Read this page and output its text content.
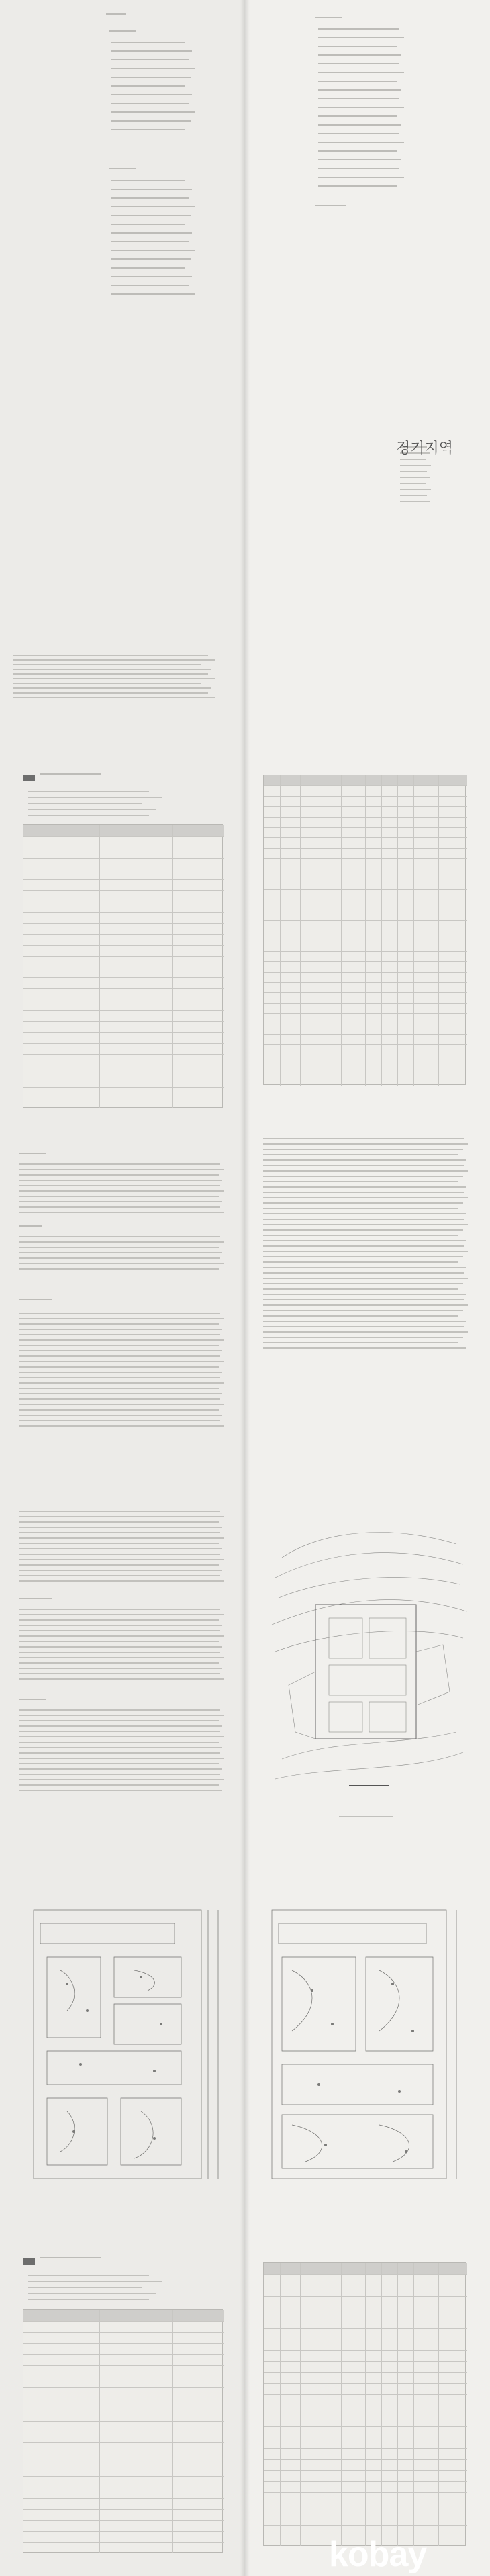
경기지역
kobay
